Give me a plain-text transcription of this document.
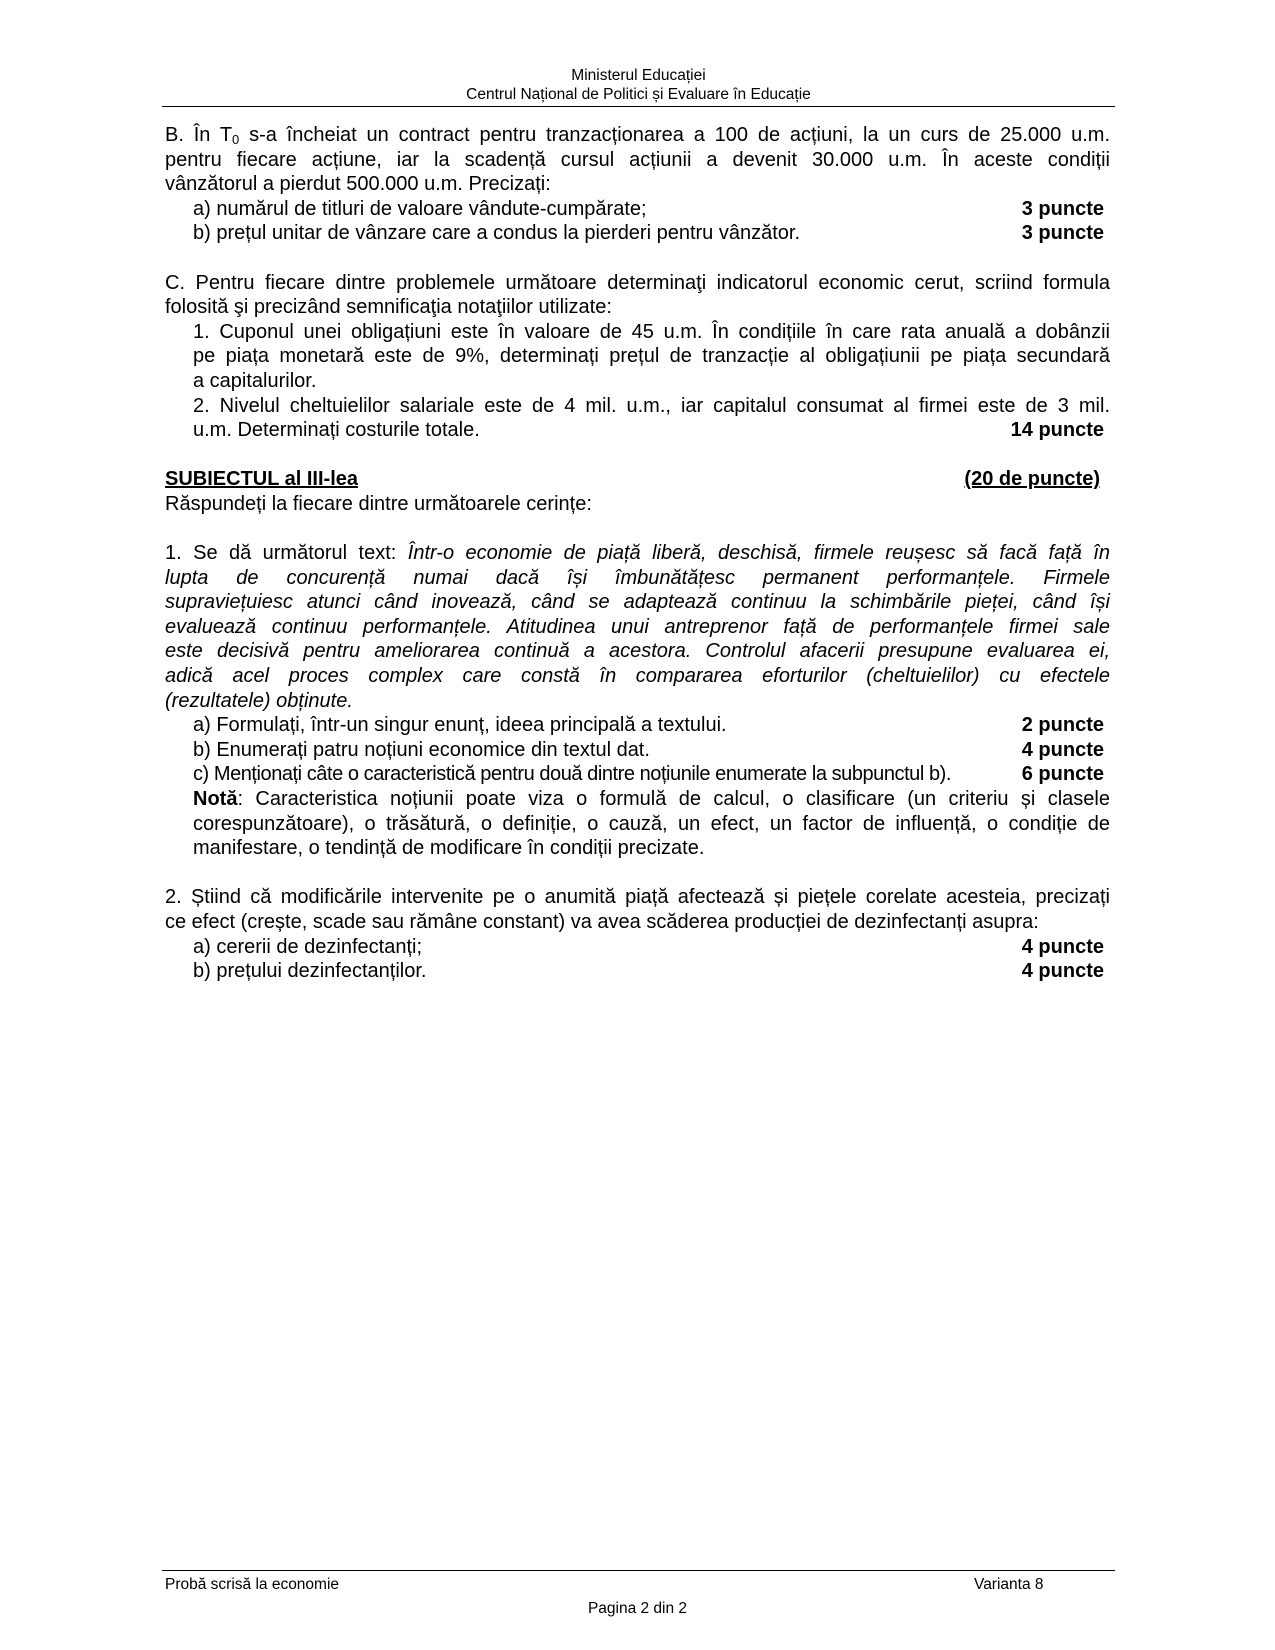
Ministerul Educației
Centrul Național de Politici și Evaluare în Educație
B. În $T_0$ s-a încheiat un contract pentru tranzacționarea a 100 de acțiuni, la un curs de 25.000 u.m.
pentru fiecare acțiune, iar la scadență cursul acțiunii a devenit 30.000 u.m. În aceste condiții
vânzătorul a pierdut 500.000 u.m. Precizați:
a) numărul de titluri de valoare vândute-cumpărate;	3 puncte
b) prețul unitar de vânzare care a condus la pierderi pentru vânzător.	3 puncte
C. Pentru fiecare dintre problemele următoare determinaţi indicatorul economic cerut, scriind formula
folosită şi precizând semnificaţia notaţiilor utilizate:
1. Cuponul unei obligațiuni este în valoare de 45 u.m. În condițiile în care rata anuală a dobânzii
pe piața monetară este de 9%, determinați prețul de tranzacție al obligațiunii pe piața secundară
a capitalurilor.
2. Nivelul cheltuielilor salariale este de 4 mil. u.m., iar capitalul consumat al firmei este de 3 mil.
u.m. Determinați costurile totale.	14 puncte
SUBIECTUL al III-lea	(20 de puncte)
Răspundeți la fiecare dintre următoarele cerințe:
1. Se dă următorul text: Într-o economie de piață liberă, deschisă, firmele reușesc să facă față în
lupta de concurență numai dacă își îmbunătățesc permanent performanțele. Firmele
supraviețuiesc atunci când inovează, când se adaptează continuu la schimbările pieței, când își
evaluează continuu performanțele. Atitudinea unui antreprenor față de performanțele firmei sale
este decisivă pentru ameliorarea continuă a acestora. Controlul afacerii presupune evaluarea ei,
adică acel proces complex care constă în compararea eforturilor (cheltuielilor) cu efectele
(rezultatele) obținute.
a) Formulați, într-un singur enunț, ideea principală a textului.	2 puncte
b) Enumerați patru noțiuni economice din textul dat.	4 puncte
c) Menționați câte o caracteristică pentru două dintre noțiunile enumerate la subpunctul b).	6 puncte
Notă: Caracteristica noțiunii poate viza o formulă de calcul, o clasificare (un criteriu și clasele
corespunzătoare), o trăsătură, o definiție, o cauză, un efect, un factor de influență, o condiție de
manifestare, o tendință de modificare în condiții precizate.
2. Știind că modificările intervenite pe o anumită piață afectează și piețele corelate acesteia, precizați
ce efect (crește, scade sau rămâne constant) va avea scăderea producției de dezinfectanți asupra:
a) cererii de dezinfectanți;	4 puncte
b) prețului dezinfectanților.	4 puncte
Probă scrisă la economie	Varianta 8
Pagina 2 din 2
